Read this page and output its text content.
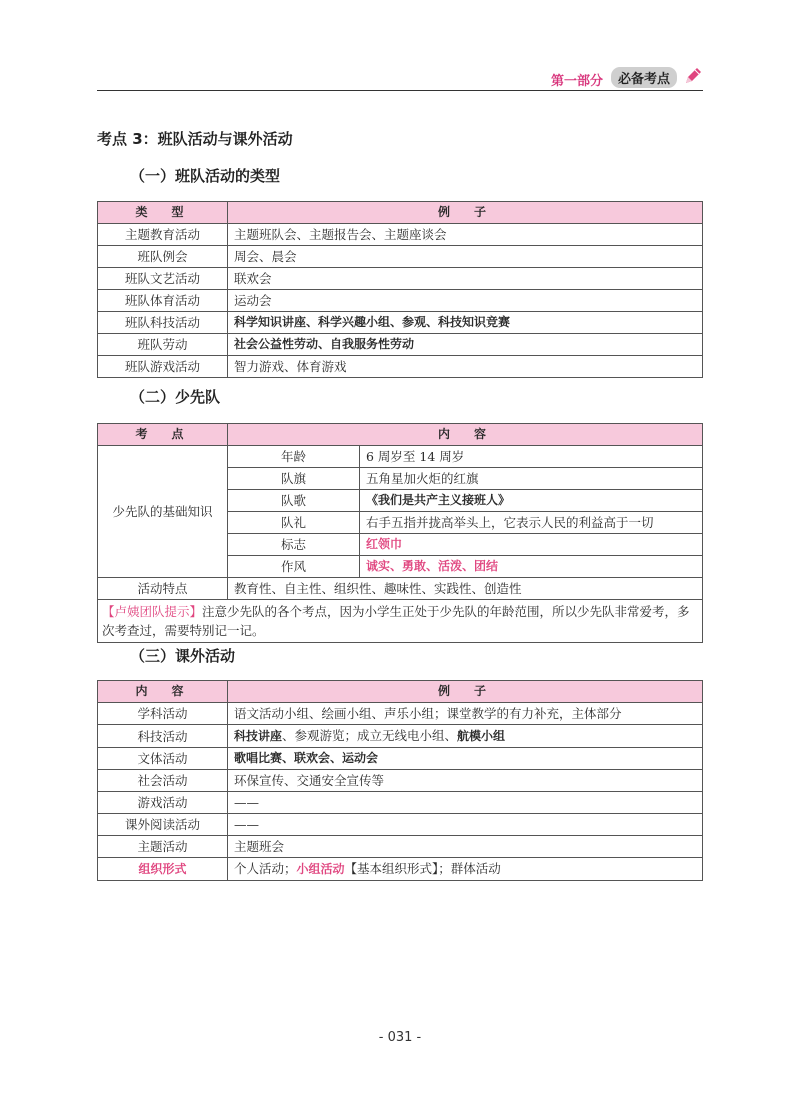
第一部分	必备考点
考点 3：班队活动与课外活动
（一）班队活动的类型
类　型	例　子
主题教育活动	主题班队会、主题报告会、主题座谈会
班队例会	周会、晨会
班队文艺活动	联欢会
班队体育活动	运动会
班队科技活动	科学知识讲座、科学兴趣小组、参观、科技知识竞赛
班队劳动	社会公益性劳动、自我服务性劳动
班队游戏活动	智力游戏、体育游戏
（二）少先队
考　点	内　容	
少先队的基础知识	年龄	6 周岁至 14 周岁
	队旗	五角星加火炬的红旗
	队歌	《我们是共产主义接班人》
	队礼	右手五指并拢高举头上，它表示人民的利益高于一切
	标志	红领巾
	作风	诚实、勇敢、活泼、团结
活动特点	教育性、自主性、组织性、趣味性、实践性、创造性	
【卢姨团队提示】注意少先队的各个考点，因为小学生正处于少先队的年龄范围，所以少先队非常爱考，多次考查过，需要特别记一记。		
（三）课外活动
内　容	例　子
学科活动	语文活动小组、绘画小组、声乐小组；课堂教学的有力补充，主体部分
科技活动	科技讲座、参观游览；成立无线电小组、航模小组
文体活动	歌唱比赛、联欢会、运动会
社会活动	环保宣传、交通安全宣传等
游戏活动	——
课外阅读活动	——
主题活动	主题班会
组织形式	个人活动；小组活动【基本组织形式】；群体活动
- 031 -
